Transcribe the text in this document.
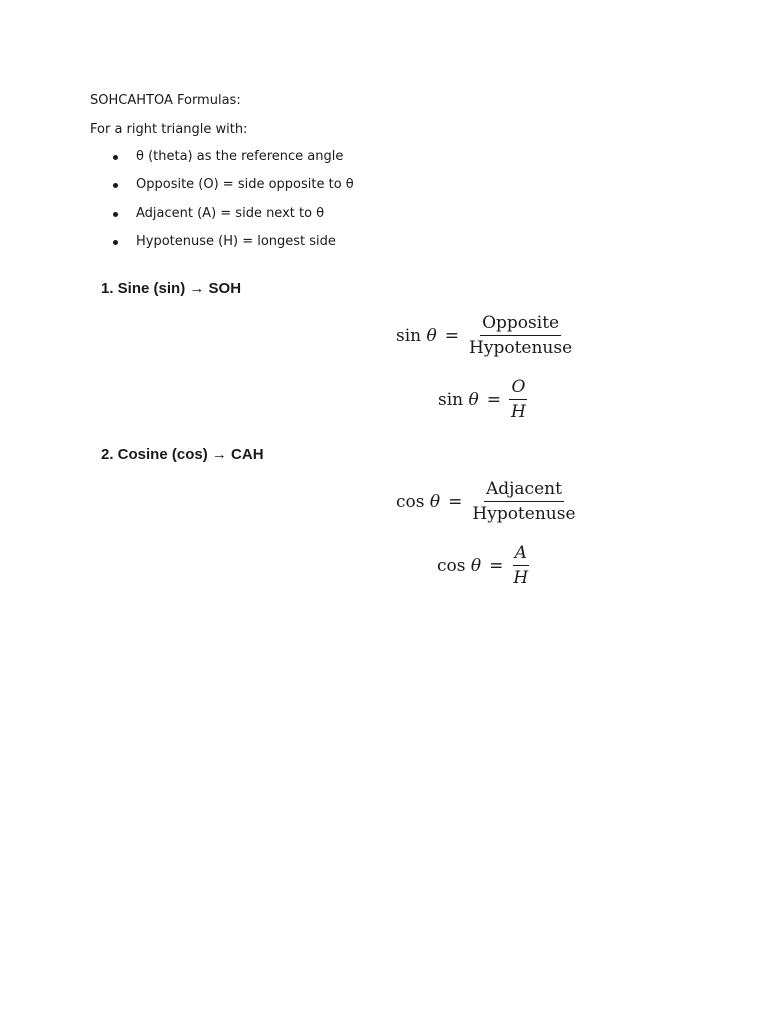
SOHCAHTOA Formulas:
For a right triangle with:
θ (theta) as the reference angle
Opposite (O) = side opposite to θ
Adjacent (A) = side next to θ
Hypotenuse (H) = longest side
1. Sine (sin) → SOH
$\sin \theta = \frac{\text{Opposite}}{\text{Hypotenuse}}$
$\sin \theta = \frac{O}{H}$
2. Cosine (cos) → CAH
$\cos \theta = \frac{\text{Adjacent}}{\text{Hypotenuse}}$
$\cos \theta = \frac{A}{H}$
